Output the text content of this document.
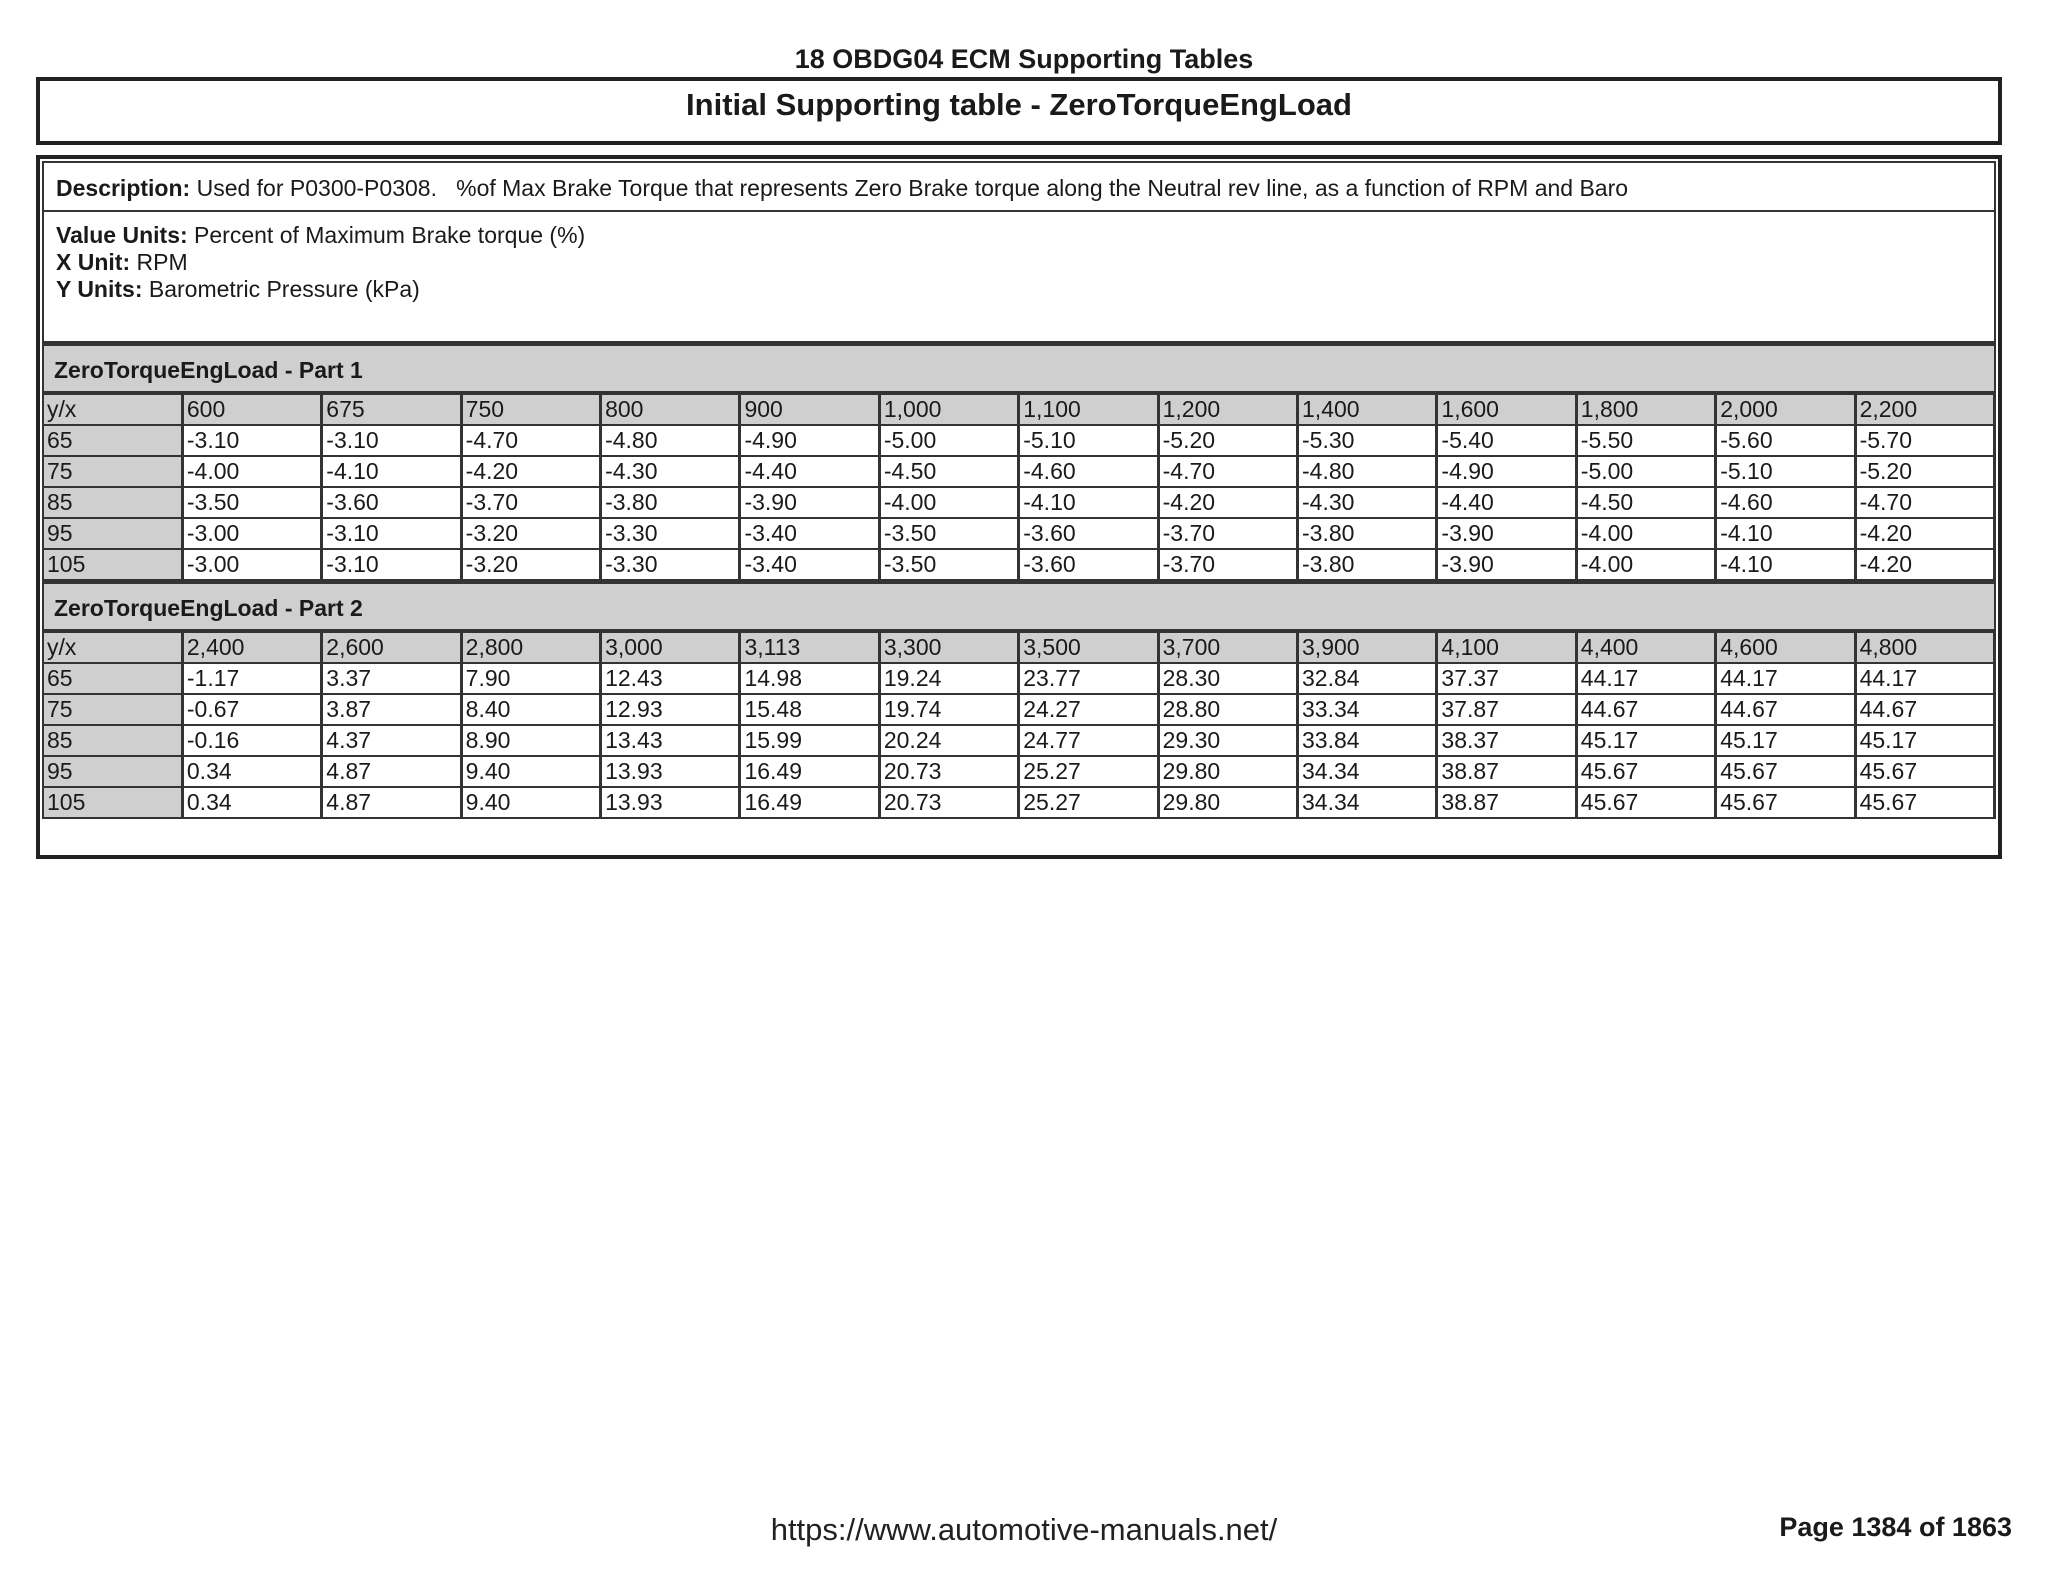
18 OBDG04 ECM Supporting Tables
Initial Supporting table - ZeroTorqueEngLoad
Description: Used for P0300-P0308.   %of Max Brake Torque that represents Zero Brake torque along the Neutral rev line, as a function of RPM and Baro
Value Units: Percent of Maximum Brake torque (%)
X Unit: RPM
Y Units: Barometric Pressure (kPa)
ZeroTorqueEngLoad - Part 1
y/x	600	675	750	800	900	1,000	1,100	1,200	1,400	1,600	1,800	2,000	2,200
65	-3.10	-3.10	-4.70	-4.80	-4.90	-5.00	-5.10	-5.20	-5.30	-5.40	-5.50	-5.60	-5.70
75	-4.00	-4.10	-4.20	-4.30	-4.40	-4.50	-4.60	-4.70	-4.80	-4.90	-5.00	-5.10	-5.20
85	-3.50	-3.60	-3.70	-3.80	-3.90	-4.00	-4.10	-4.20	-4.30	-4.40	-4.50	-4.60	-4.70
95	-3.00	-3.10	-3.20	-3.30	-3.40	-3.50	-3.60	-3.70	-3.80	-3.90	-4.00	-4.10	-4.20
105	-3.00	-3.10	-3.20	-3.30	-3.40	-3.50	-3.60	-3.70	-3.80	-3.90	-4.00	-4.10	-4.20
ZeroTorqueEngLoad - Part 2
y/x	2,400	2,600	2,800	3,000	3,113	3,300	3,500	3,700	3,900	4,100	4,400	4,600	4,800
65	-1.17	3.37	7.90	12.43	14.98	19.24	23.77	28.30	32.84	37.37	44.17	44.17	44.17
75	-0.67	3.87	8.40	12.93	15.48	19.74	24.27	28.80	33.34	37.87	44.67	44.67	44.67
85	-0.16	4.37	8.90	13.43	15.99	20.24	24.77	29.30	33.84	38.37	45.17	45.17	45.17
95	0.34	4.87	9.40	13.93	16.49	20.73	25.27	29.80	34.34	38.87	45.67	45.67	45.67
105	0.34	4.87	9.40	13.93	16.49	20.73	25.27	29.80	34.34	38.87	45.67	45.67	45.67
https://www.automotive-manuals.net/	Page 1384 of 1863
